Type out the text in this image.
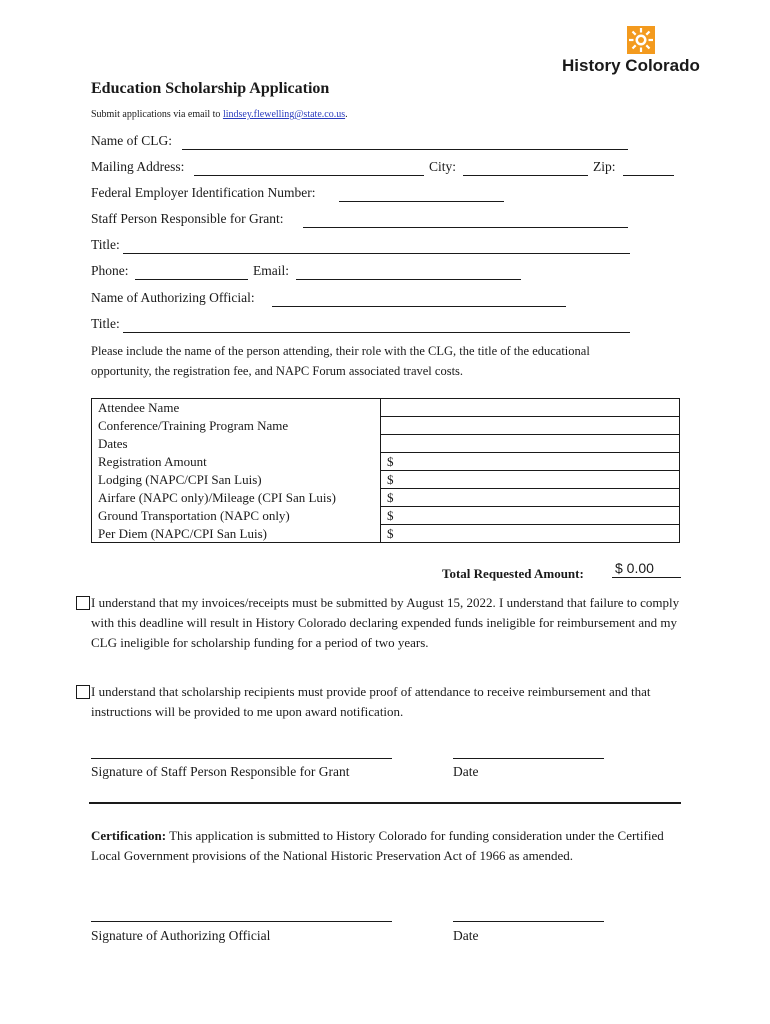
History Colorado
Education Scholarship Application
Submit applications via email to lindsey.flewelling@state.co.us.
Name of CLG:
Mailing Address:	City:	Zip:
Federal Employer Identification Number:
Staff Person Responsible for Grant:
Title:
Phone:	Email:
Name of Authorizing Official:
Title:
Please include the name of the person attending, their role with the CLG, the title of the educational opportunity, the registration fee, and NAPC Forum associated travel costs.
Attendee Name	
Conference/Training Program Name	
Dates	
Registration Amount	$
Lodging (NAPC/CPI San Luis)	$
Airfare (NAPC only)/Mileage (CPI San Luis)	$
Ground Transportation (NAPC only)	$
Per Diem (NAPC/CPI San Luis)	$
Total Requested Amount: $ 0.00
I understand that my invoices/receipts must be submitted by August 15, 2022. I understand that failure to comply with this deadline will result in History Colorado declaring expended funds ineligible for reimbursement and my CLG ineligible for scholarship funding for a period of two years.
I understand that scholarship recipients must provide proof of attendance to receive reimbursement and that instructions will be provided to me upon award notification.
Signature of Staff Person Responsible for Grant	Date
Certification: This application is submitted to History Colorado for funding consideration under the Certified Local Government provisions of the National Historic Preservation Act of 1966 as amended.
Signature of Authorizing Official	Date
